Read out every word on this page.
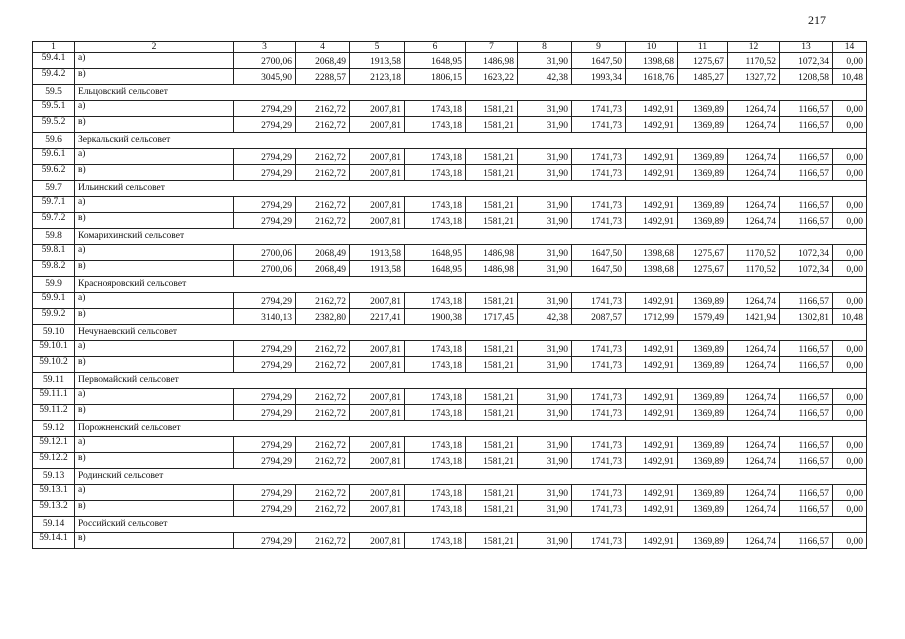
217
1	2	3	4	5	6	7	8	9	10	11	12	13	14
59.4.1	а)	2700,06	2068,49	1913,58	1648,95	1486,98	31,90	1647,50	1398,68	1275,67	1170,52	1072,34	0,00
59.4.2	в)	3045,90	2288,57	2123,18	1806,15	1623,22	42,38	1993,34	1618,76	1485,27	1327,72	1208,58	10,48
59.5	Ельцовский сельсовет												
59.5.1	а)	2794,29	2162,72	2007,81	1743,18	1581,21	31,90	1741,73	1492,91	1369,89	1264,74	1166,57	0,00
59.5.2	в)	2794,29	2162,72	2007,81	1743,18	1581,21	31,90	1741,73	1492,91	1369,89	1264,74	1166,57	0,00
59.6	Зеркальский сельсовет												
59.6.1	а)	2794,29	2162,72	2007,81	1743,18	1581,21	31,90	1741,73	1492,91	1369,89	1264,74	1166,57	0,00
59.6.2	в)	2794,29	2162,72	2007,81	1743,18	1581,21	31,90	1741,73	1492,91	1369,89	1264,74	1166,57	0,00
59.7	Ильинский сельсовет												
59.7.1	а)	2794,29	2162,72	2007,81	1743,18	1581,21	31,90	1741,73	1492,91	1369,89	1264,74	1166,57	0,00
59.7.2	в)	2794,29	2162,72	2007,81	1743,18	1581,21	31,90	1741,73	1492,91	1369,89	1264,74	1166,57	0,00
59.8	Комарихинский сельсовет												
59.8.1	а)	2700,06	2068,49	1913,58	1648,95	1486,98	31,90	1647,50	1398,68	1275,67	1170,52	1072,34	0,00
59.8.2	в)	2700,06	2068,49	1913,58	1648,95	1486,98	31,90	1647,50	1398,68	1275,67	1170,52	1072,34	0,00
59.9	Краснояровский сельсовет												
59.9.1	а)	2794,29	2162,72	2007,81	1743,18	1581,21	31,90	1741,73	1492,91	1369,89	1264,74	1166,57	0,00
59.9.2	в)	3140,13	2382,80	2217,41	1900,38	1717,45	42,38	2087,57	1712,99	1579,49	1421,94	1302,81	10,48
59.10	Нечунаевский сельсовет												
59.10.1	а)	2794,29	2162,72	2007,81	1743,18	1581,21	31,90	1741,73	1492,91	1369,89	1264,74	1166,57	0,00
59.10.2	в)	2794,29	2162,72	2007,81	1743,18	1581,21	31,90	1741,73	1492,91	1369,89	1264,74	1166,57	0,00
59.11	Первомайский сельсовет												
59.11.1	а)	2794,29	2162,72	2007,81	1743,18	1581,21	31,90	1741,73	1492,91	1369,89	1264,74	1166,57	0,00
59.11.2	в)	2794,29	2162,72	2007,81	1743,18	1581,21	31,90	1741,73	1492,91	1369,89	1264,74	1166,57	0,00
59.12	Порожненский сельсовет												
59.12.1	а)	2794,29	2162,72	2007,81	1743,18	1581,21	31,90	1741,73	1492,91	1369,89	1264,74	1166,57	0,00
59.12.2	в)	2794,29	2162,72	2007,81	1743,18	1581,21	31,90	1741,73	1492,91	1369,89	1264,74	1166,57	0,00
59.13	Родинский сельсовет												
59.13.1	а)	2794,29	2162,72	2007,81	1743,18	1581,21	31,90	1741,73	1492,91	1369,89	1264,74	1166,57	0,00
59.13.2	в)	2794,29	2162,72	2007,81	1743,18	1581,21	31,90	1741,73	1492,91	1369,89	1264,74	1166,57	0,00
59.14	Российский сельсовет												
59.14.1	в)	2794,29	2162,72	2007,81	1743,18	1581,21	31,90	1741,73	1492,91	1369,89	1264,74	1166,57	0,00
